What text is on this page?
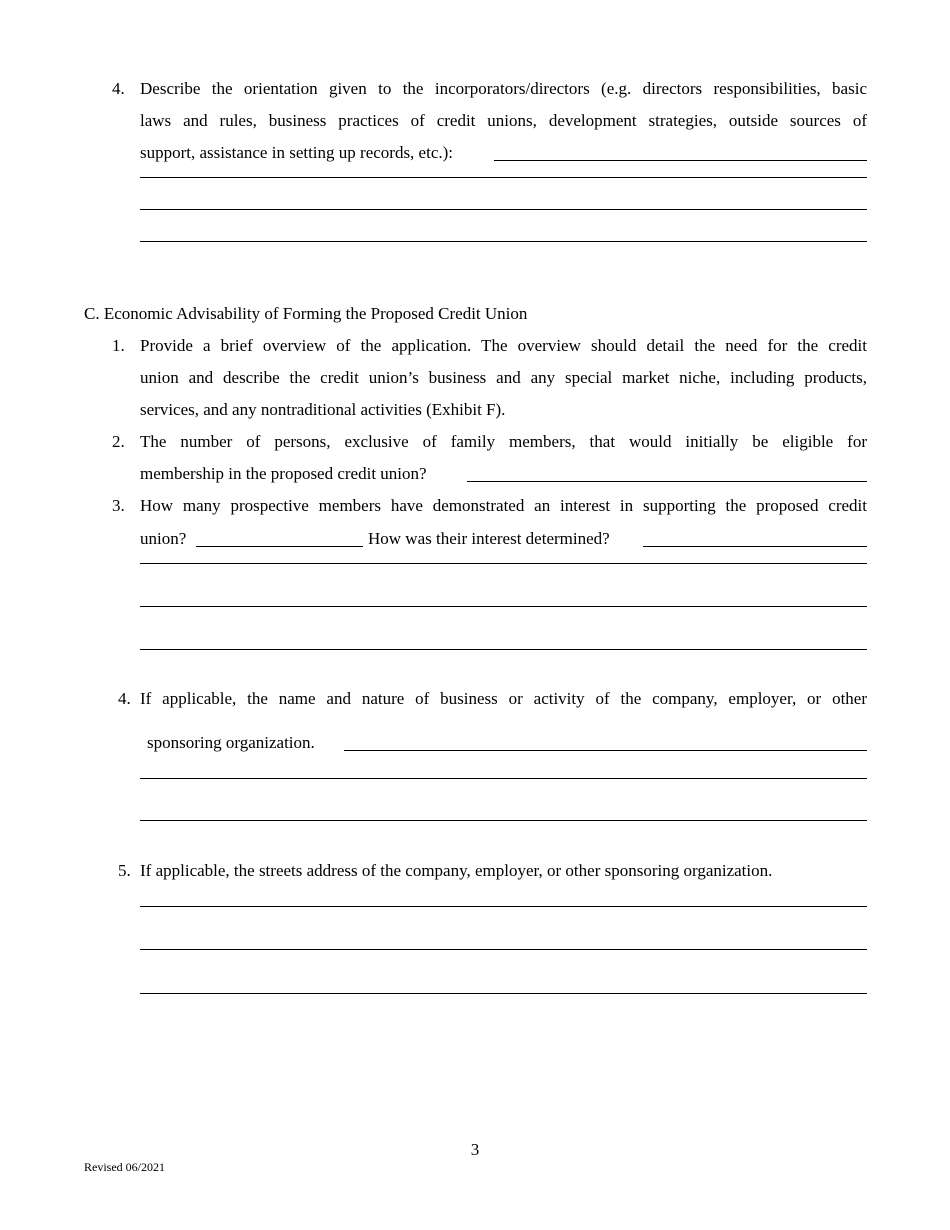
4. Describe the orientation given to the incorporators/directors (e.g. directors responsibilities, basic
laws and rules, business practices of credit unions, development strategies, outside sources of
support, assistance in setting up records, etc.):
C. Economic Advisability of Forming the Proposed Credit Union
1. Provide a brief overview of the application. The overview should detail the need for the credit
union and describe the credit union’s business and any special market niche, including products,
services, and any nontraditional activities (Exhibit F).
2. The number of persons, exclusive of family members, that would initially be eligible for
membership in the proposed credit union?
3. How many prospective members have demonstrated an interest in supporting the proposed credit
union?	How was their interest determined?
4. If applicable, the name and nature of business or activity of the company, employer, or other
sponsoring organization.
5. If applicable, the streets address of the company, employer, or other sponsoring organization.
3
Revised 06/2021
